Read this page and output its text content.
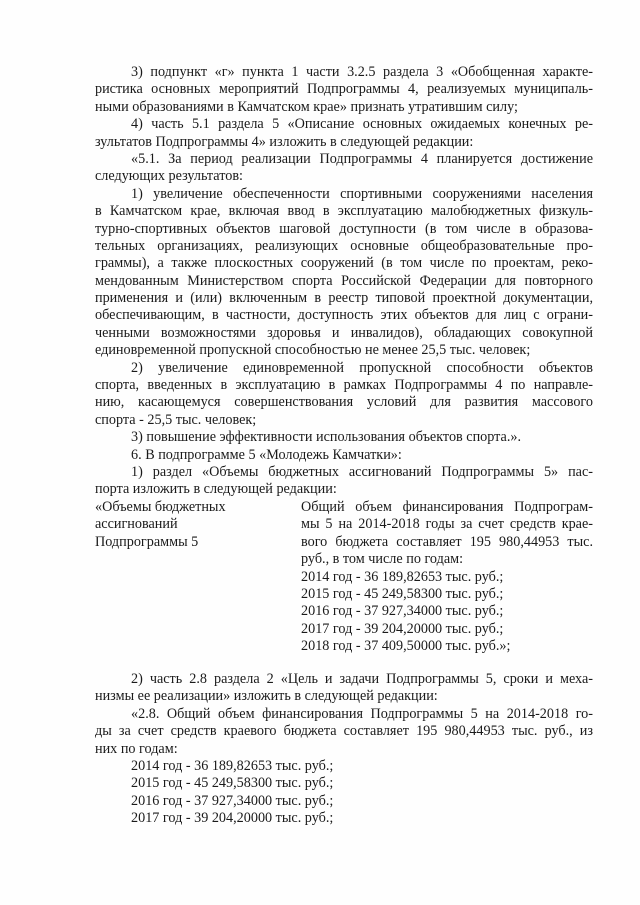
3) подпункт «г» пункта 1 части 3.2.5 раздела 3 «Обобщенная характе-
ристика основных мероприятий Подпрограммы 4, реализуемых муниципаль-
ными образованиями в Камчатском крае» признать утратившим силу;
4) часть 5.1 раздела 5 «Описание основных ожидаемых конечных ре-
зультатов Подпрограммы 4» изложить в следующей редакции:
«5.1. За период реализации Подпрограммы 4 планируется достижение
следующих результатов:
1) увеличение обеспеченности спортивными сооружениями населения
в Камчатском крае, включая ввод в эксплуатацию малобюджетных физкуль-
турно-спортивных объектов шаговой доступности (в том числе в образова-
тельных организациях, реализующих основные общеобразовательные про-
граммы), а также плоскостных сооружений (в том числе по проектам, реко-
мендованным Министерством спорта Российской Федерации для повторного
применения и (или) включенным в реестр типовой проектной документации,
обеспечивающим, в частности, доступность этих объектов для лиц с ограни-
ченными возможностями здоровья и инвалидов), обладающих совокупной
единовременной пропускной способностью не менее 25,5 тыс. человек;
2) увеличение единовременной пропускной способности объектов
спорта, введенных в эксплуатацию в рамках Подпрограммы 4 по направле-
нию, касающемуся совершенствования условий для развития массового
спорта - 25,5 тыс. человек;
3) повышение эффективности использования объектов спорта.».
6. В подпрограмме 5 «Молодежь Камчатки»:
1) раздел «Объемы бюджетных ассигнований Подпрограммы 5» пас-
порта изложить в следующей редакции:
«Объемы бюджетных
ассигнований
Подпрограммы 5
Общий объем финансирования Подпрограм-
мы 5 на 2014-2018 годы за счет средств крае-
вого бюджета составляет 195 980,44953 тыс.
руб., в том числе по годам:
2014 год - 36 189,82653 тыс. руб.;
2015 год - 45 249,58300 тыс. руб.;
2016 год - 37 927,34000 тыс. руб.;
2017 год - 39 204,20000 тыс. руб.;
2018 год - 37 409,50000 тыс. руб.»;
2) часть 2.8 раздела 2 «Цель и задачи Подпрограммы 5, сроки и меха-
низмы ее реализации» изложить в следующей редакции:
«2.8. Общий объем финансирования Подпрограммы 5 на 2014-2018 го-
ды за счет средств краевого бюджета составляет 195 980,44953 тыс. руб., из
них по годам:
2014 год - 36 189,82653 тыс. руб.;
2015 год - 45 249,58300 тыс. руб.;
2016 год - 37 927,34000 тыс. руб.;
2017 год - 39 204,20000 тыс. руб.;
